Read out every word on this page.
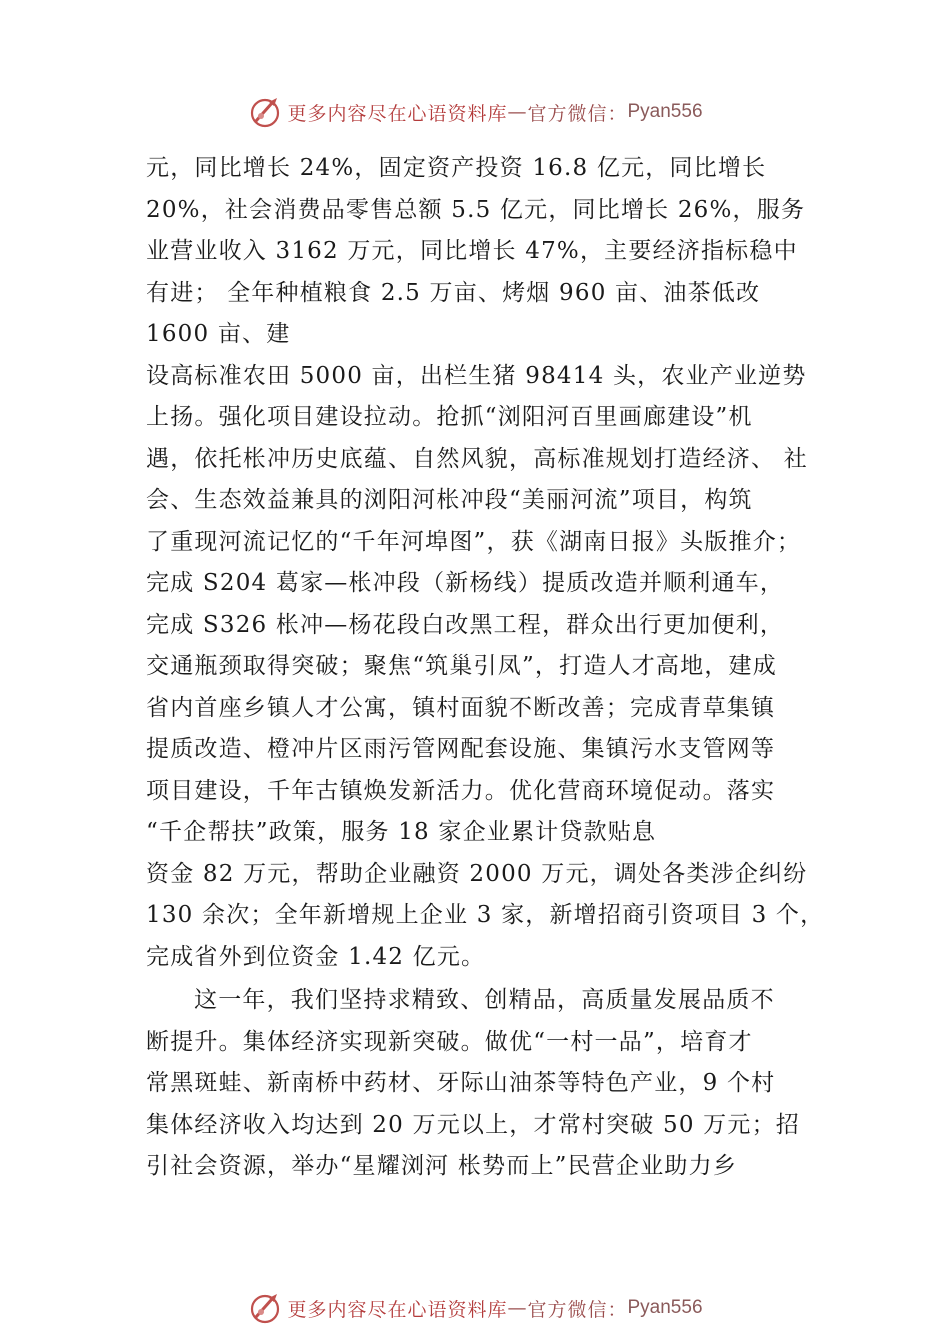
更多内容尽在心语资料库 — 官方微信： Pyan556
元，同比增长 24%，固定资产投资 16.8 亿元，同比增长
20%，社会消费品零售总额 5.5 亿元，同比增长 26%，服务
业营业收入 3162 万元，同比增长 47%，主要经济指标稳中
有进； 全年种植粮食 2.5 万亩、烤烟 960 亩、油茶低改
1600 亩、建
设高标准农田 5000 亩，出栏生猪 98414 头，农业产业逆势
上扬。强化项目建设拉动。抢抓“浏阳河百里画廊建设”机
遇，依托枨冲历史底蕴、自然风貌，高标准规划打造经济、 社
会、生态效益兼具的浏阳河枨冲段“美丽河流”项目，构筑
了重现河流记忆的“千年河埠图”，获《湖南日报》头版推介；
完成 S204 葛家—枨冲段（新杨线）提质改造并顺利通车，
完成 S326 枨冲—杨花段白改黑工程，群众出行更加便利，
交通瓶颈取得突破；聚焦“筑巢引凤”，打造人才高地，建成
省内首座乡镇人才公寓，镇村面貌不断改善；完成青草集镇
提质改造、橙冲片区雨污管网配套设施、集镇污水支管网等
项目建设，千年古镇焕发新活力。优化营商环境促动。落实
“千企帮扶”政策，服务 18 家企业累计贷款贴息
资金 82 万元，帮助企业融资 2000 万元，调处各类涉企纠纷
130 余次；全年新增规上企业 3 家，新增招商引资项目 3 个，
完成省外到位资金 1.42 亿元。
这一年，我们坚持求精致、创精品，高质量发展品质不
断提升。集体经济实现新突破。做优“一村一品”，培育才
常黑斑蛙、新南桥中药材、牙际山油茶等特色产业，9 个村
集体经济收入均达到 20 万元以上，才常村突破 50 万元；招
引社会资源，举办“星耀浏河 枨势而上”民营企业助力乡
更多内容尽在心语资料库 — 官方微信： Pyan556
